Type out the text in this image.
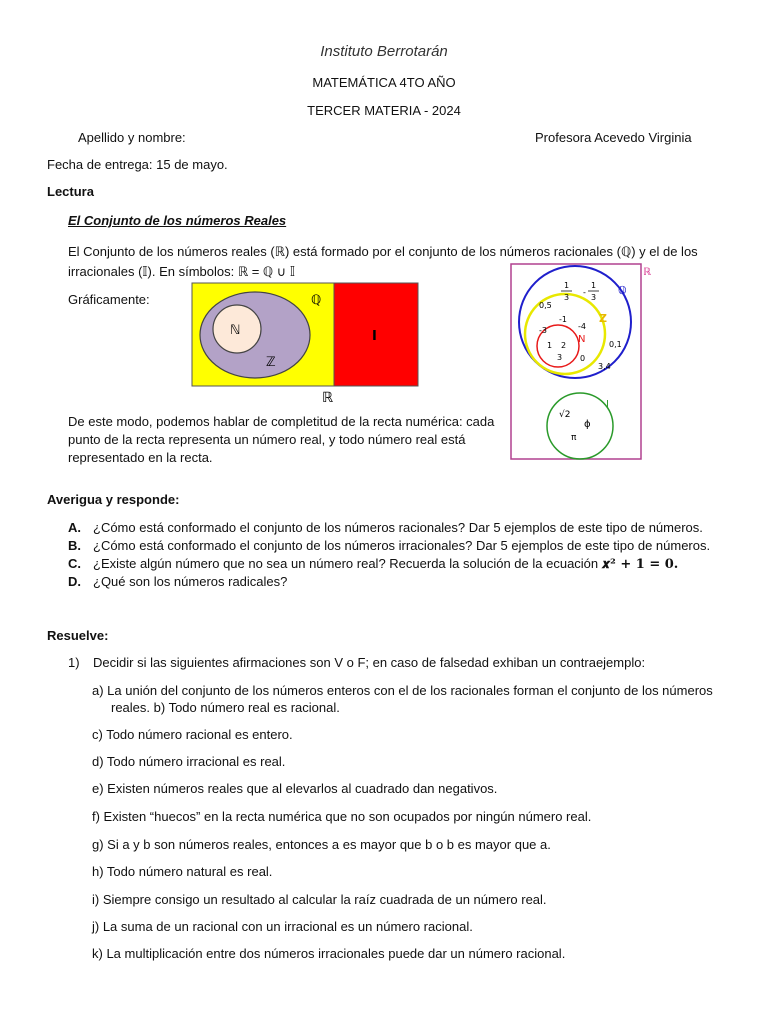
Instituto Berrotarán
MATEMÁTICA 4TO AÑO
TERCER MATERIA - 2024
Apellido y nombre:	Profesora Acevedo Virginia
Fecha de entrega: 15 de mayo.
Lectura
El Conjunto de los números Reales
El Conjunto de los números reales (ℝ) está formado por el conjunto de los números racionales (ℚ) y el de los
irracionales (𝕀). En símbolos: ℝ = ℚ ∪ 𝕀
Gráficamente:
ℕ
ℤ
ℚ
I
ℝ
ℝ
ℚ
Z
N
0,5̄
1
3
-
1
3
0,1
3,4
-1
-3	-4
0
1 2
3
I
√2
ϕ
π
De este modo, podemos hablar de completitud de la recta numérica: cada
punto de la recta representa un número real, y todo número real está
representado en la recta.
Averigua y responde:
A. ¿Cómo está conformado el conjunto de los números racionales? Dar 5 ejemplos de este tipo de números.
B. ¿Cómo está conformado el conjunto de los números irracionales? Dar 5 ejemplos de este tipo de números.
C. ¿Existe algún número que no sea un número real? Recuerda la solución de la ecuación 𝒙² + 𝟏 = 𝟎.
D. ¿Qué son los números radicales?
Resuelve:
1) Decidir si las siguientes afirmaciones son V o F; en caso de falsedad exhiban un contraejemplo:
a) La unión del conjunto de los números enteros con el de los racionales forman el conjunto de los números
reales. b) Todo número real es racional.
c) Todo número racional es entero.
d) Todo número irracional es real.
e) Existen números reales que al elevarlos al cuadrado dan negativos.
f) Existen “huecos” en la recta numérica que no son ocupados por ningún número real.
g) Si a y b son números reales, entonces a es mayor que b o b es mayor que a.
h) Todo número natural es real.
i) Siempre consigo un resultado al calcular la raíz cuadrada de un número real.
j) La suma de un racional con un irracional es un número racional.
k) La multiplicación entre dos números irracionales puede dar un número racional.
